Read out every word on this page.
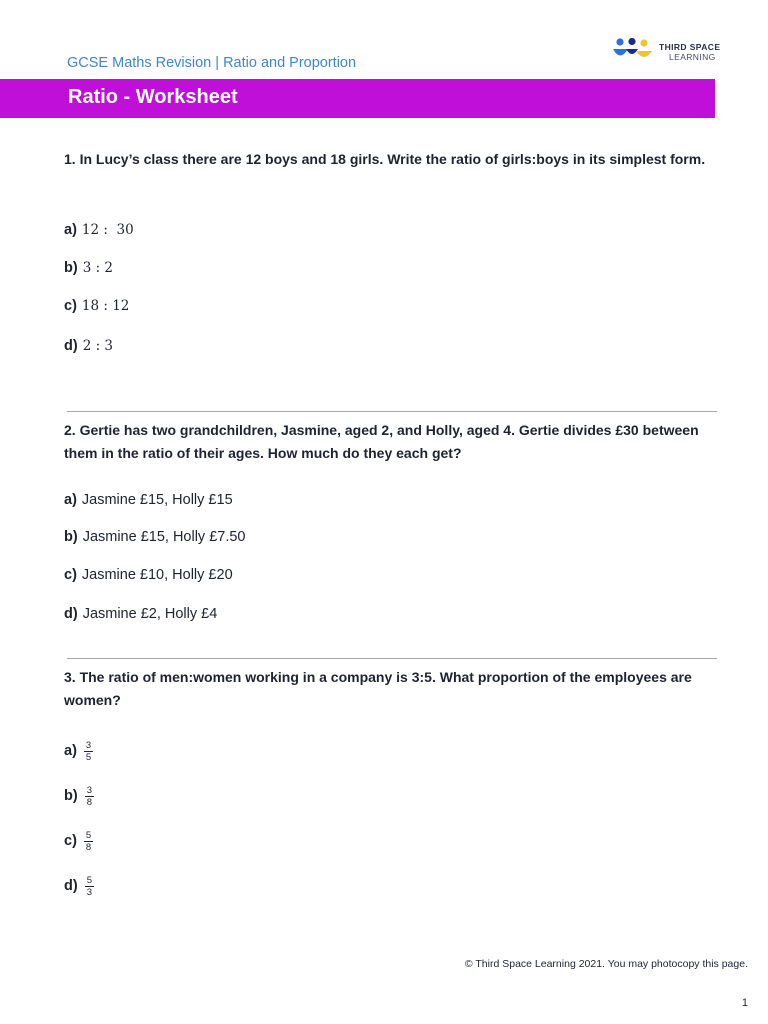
GCSE Maths Revision | Ratio and Proportion
THIRD SPACE
LEARNING
Ratio - Worksheet
1. In Lucy’s class there are 12 boys and 18 girls. Write the ratio of girls:boys in its simplest form.
a) 12 :  30
b) 3 : 2
c) 18 : 12
d) 2 : 3
2. Gertie has two grandchildren, Jasmine, aged 2, and Holly, aged 4. Gertie divides £30 between them in the ratio of their ages. How much do they each get?
a) Jasmine £15, Holly £15
b) Jasmine £15, Holly £7.50
c) Jasmine £10, Holly £20
d) Jasmine £2, Holly £4
3. The ratio of men:women working in a company is 3:5. What proportion of the employees are women?
$a) \frac{3}{5}$
$b) \frac{3}{8}$
$c) \frac{5}{8}$
$d) \frac{5}{3}$
© Third Space Learning 2021. You may photocopy this page.
1
